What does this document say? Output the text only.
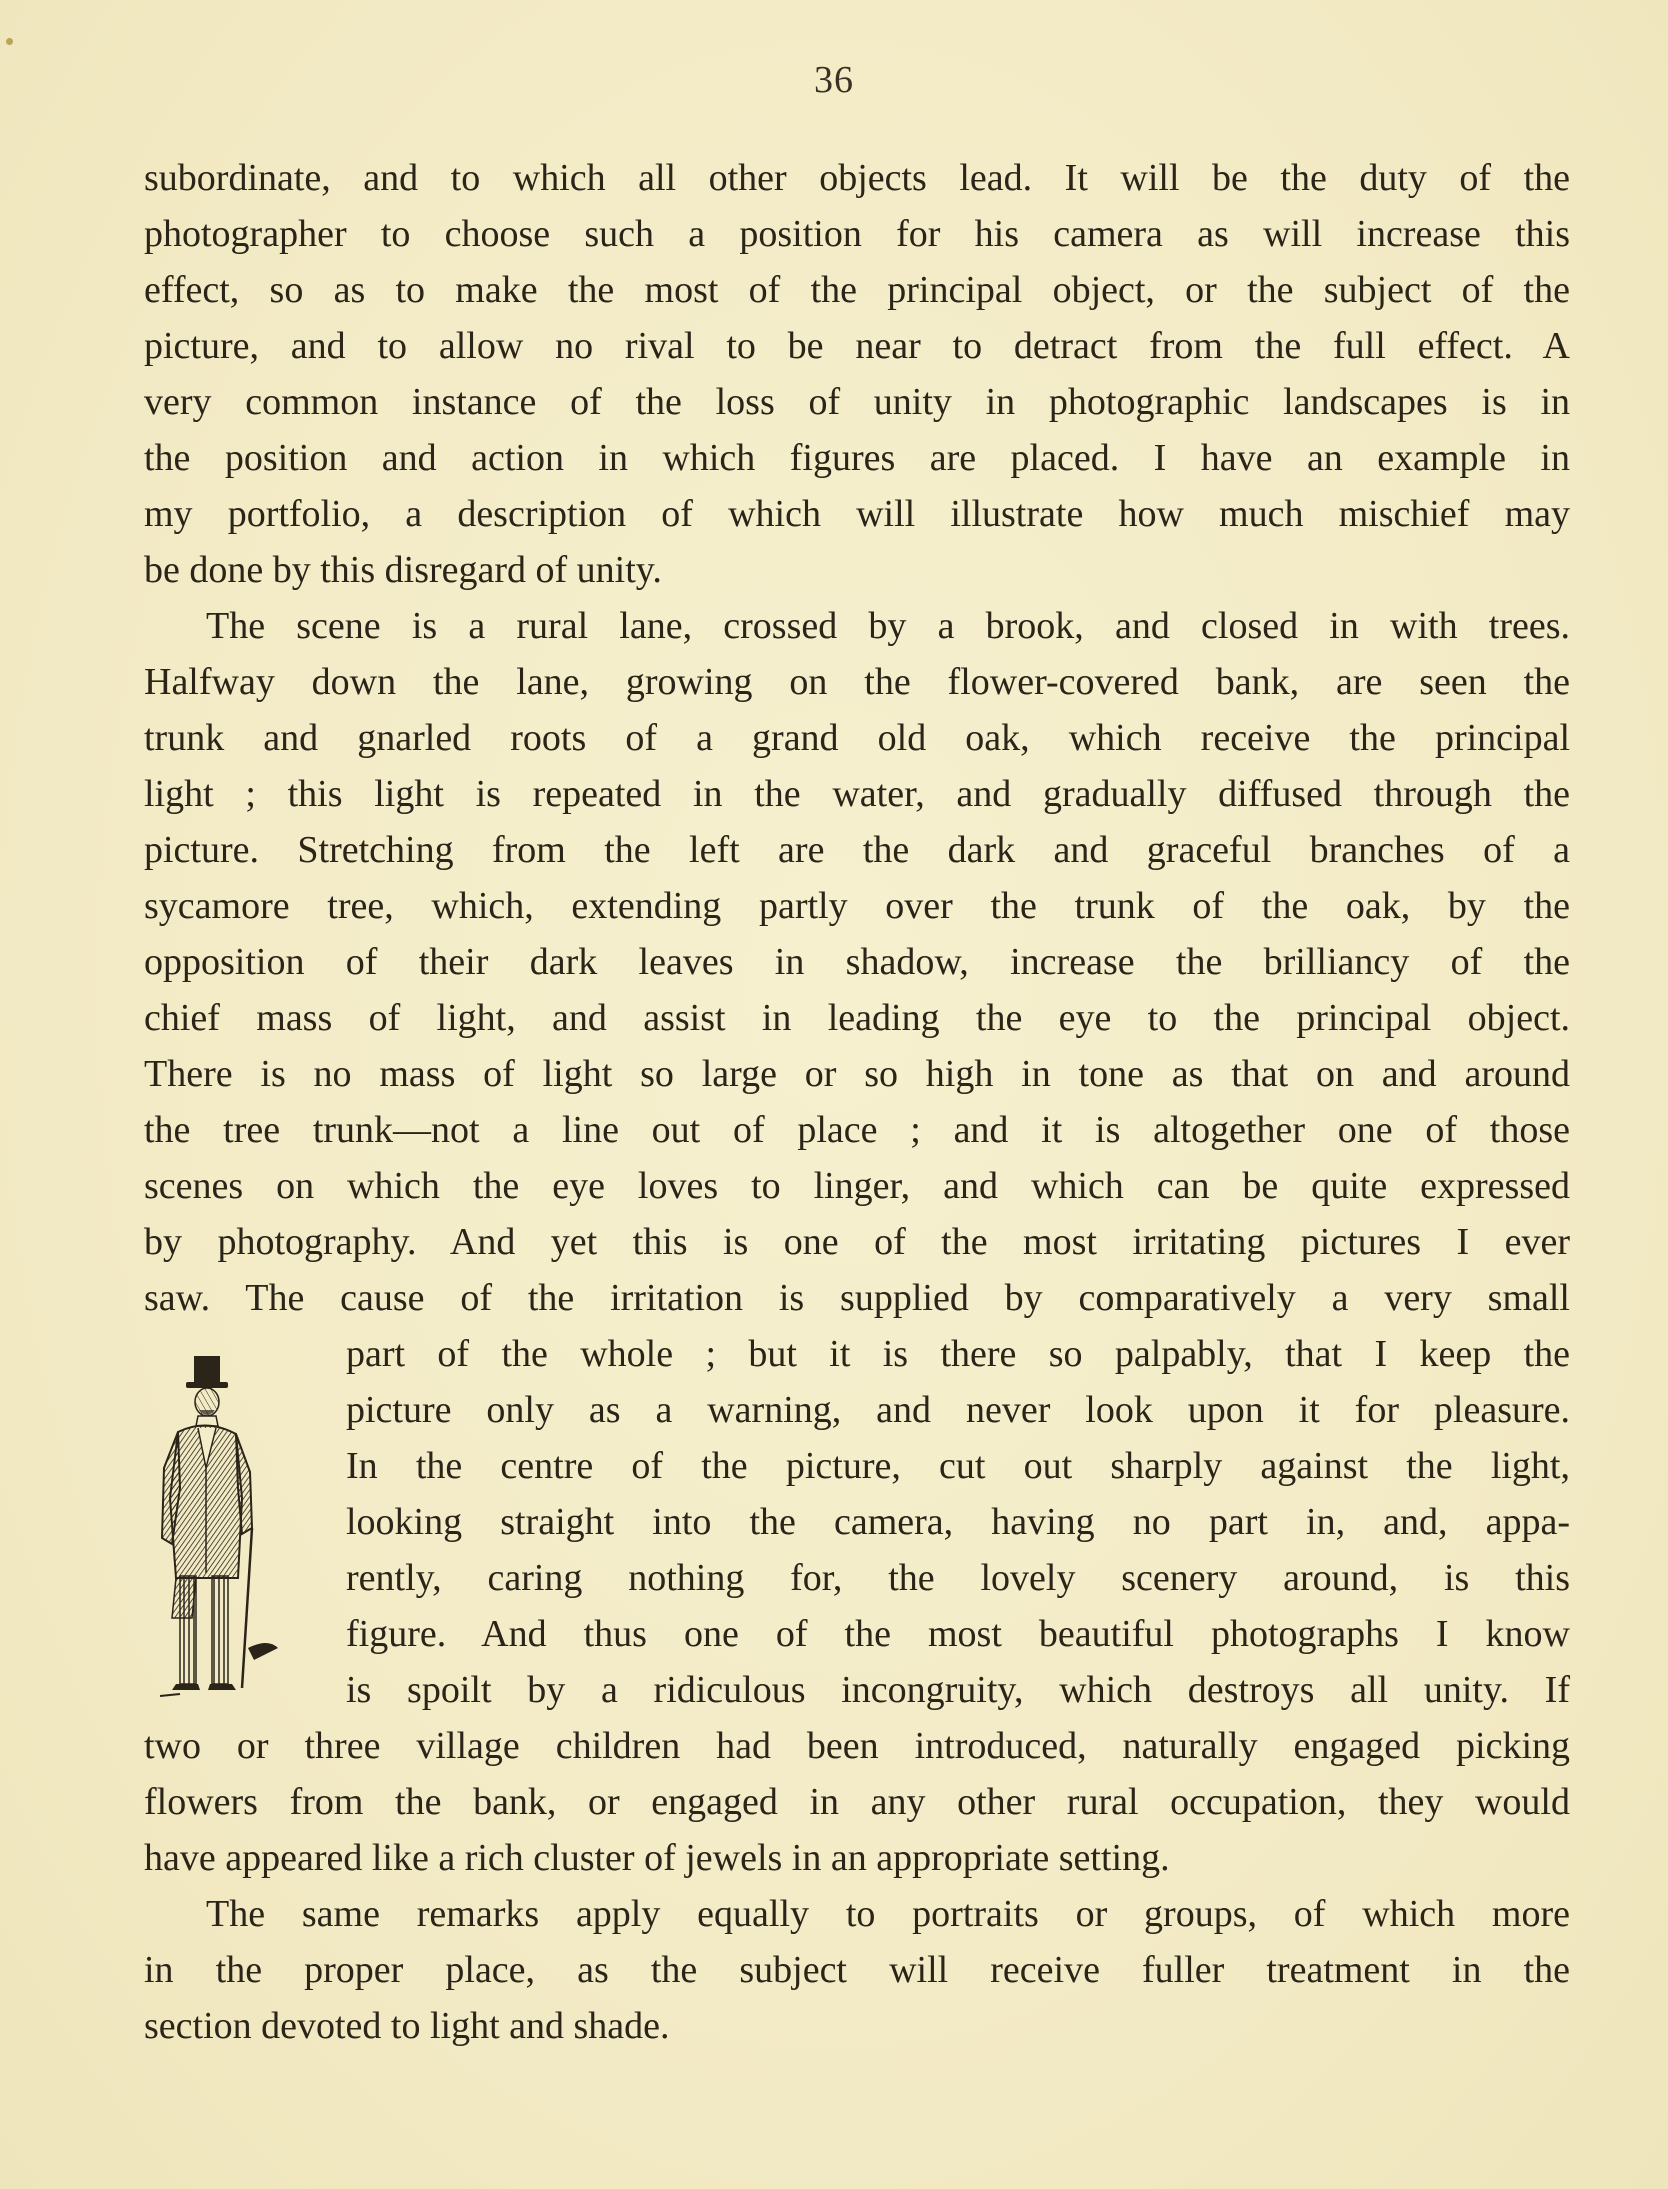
36
subordinate, and to which all other objects lead. It will be the duty of the
photographer to choose such a position for his camera as will increase this
effect, so as to make the most of the principal object, or the subject of the
picture, and to allow no rival to be near to detract from the full effect. A
very common instance of the loss of unity in photographic landscapes is in
the position and action in which figures are placed. I have an example in
my portfolio, a description of which will illustrate how much mischief may
be done by this disregard of unity.
The scene is a rural lane, crossed by a brook, and closed in with trees.
Halfway down the lane, growing on the flower-covered bank, are seen the
trunk and gnarled roots of a grand old oak, which receive the principal
light ; this light is repeated in the water, and gradually diffused through the
picture. Stretching from the left are the dark and graceful branches of a
sycamore tree, which, extending partly over the trunk of the oak, by the
opposition of their dark leaves in shadow, increase the brilliancy of the
chief mass of light, and assist in leading the eye to the principal object.
There is no mass of light so large or so high in tone as that on and around
the tree trunk—not a line out of place ; and it is altogether one of those
scenes on which the eye loves to linger, and which can be quite expressed
by photography. And yet this is one of the most irritating pictures I ever
saw. The cause of the irritation is supplied by comparatively a very small
part of the whole ; but it is there so palpably, that I keep the
picture only as a warning, and never look upon it for pleasure.
In the centre of the picture, cut out sharply against the light,
looking straight into the camera, having no part in, and, appa-
rently, caring nothing for, the lovely scenery around, is this
figure. And thus one of the most beautiful photographs I know
is spoilt by a ridiculous incongruity, which destroys all unity. If
two or three village children had been introduced, naturally engaged picking
flowers from the bank, or engaged in any other rural occupation, they would
have appeared like a rich cluster of jewels in an appropriate setting.
The same remarks apply equally to portraits or groups, of which more
in the proper place, as the subject will receive fuller treatment in the
section devoted to light and shade.
